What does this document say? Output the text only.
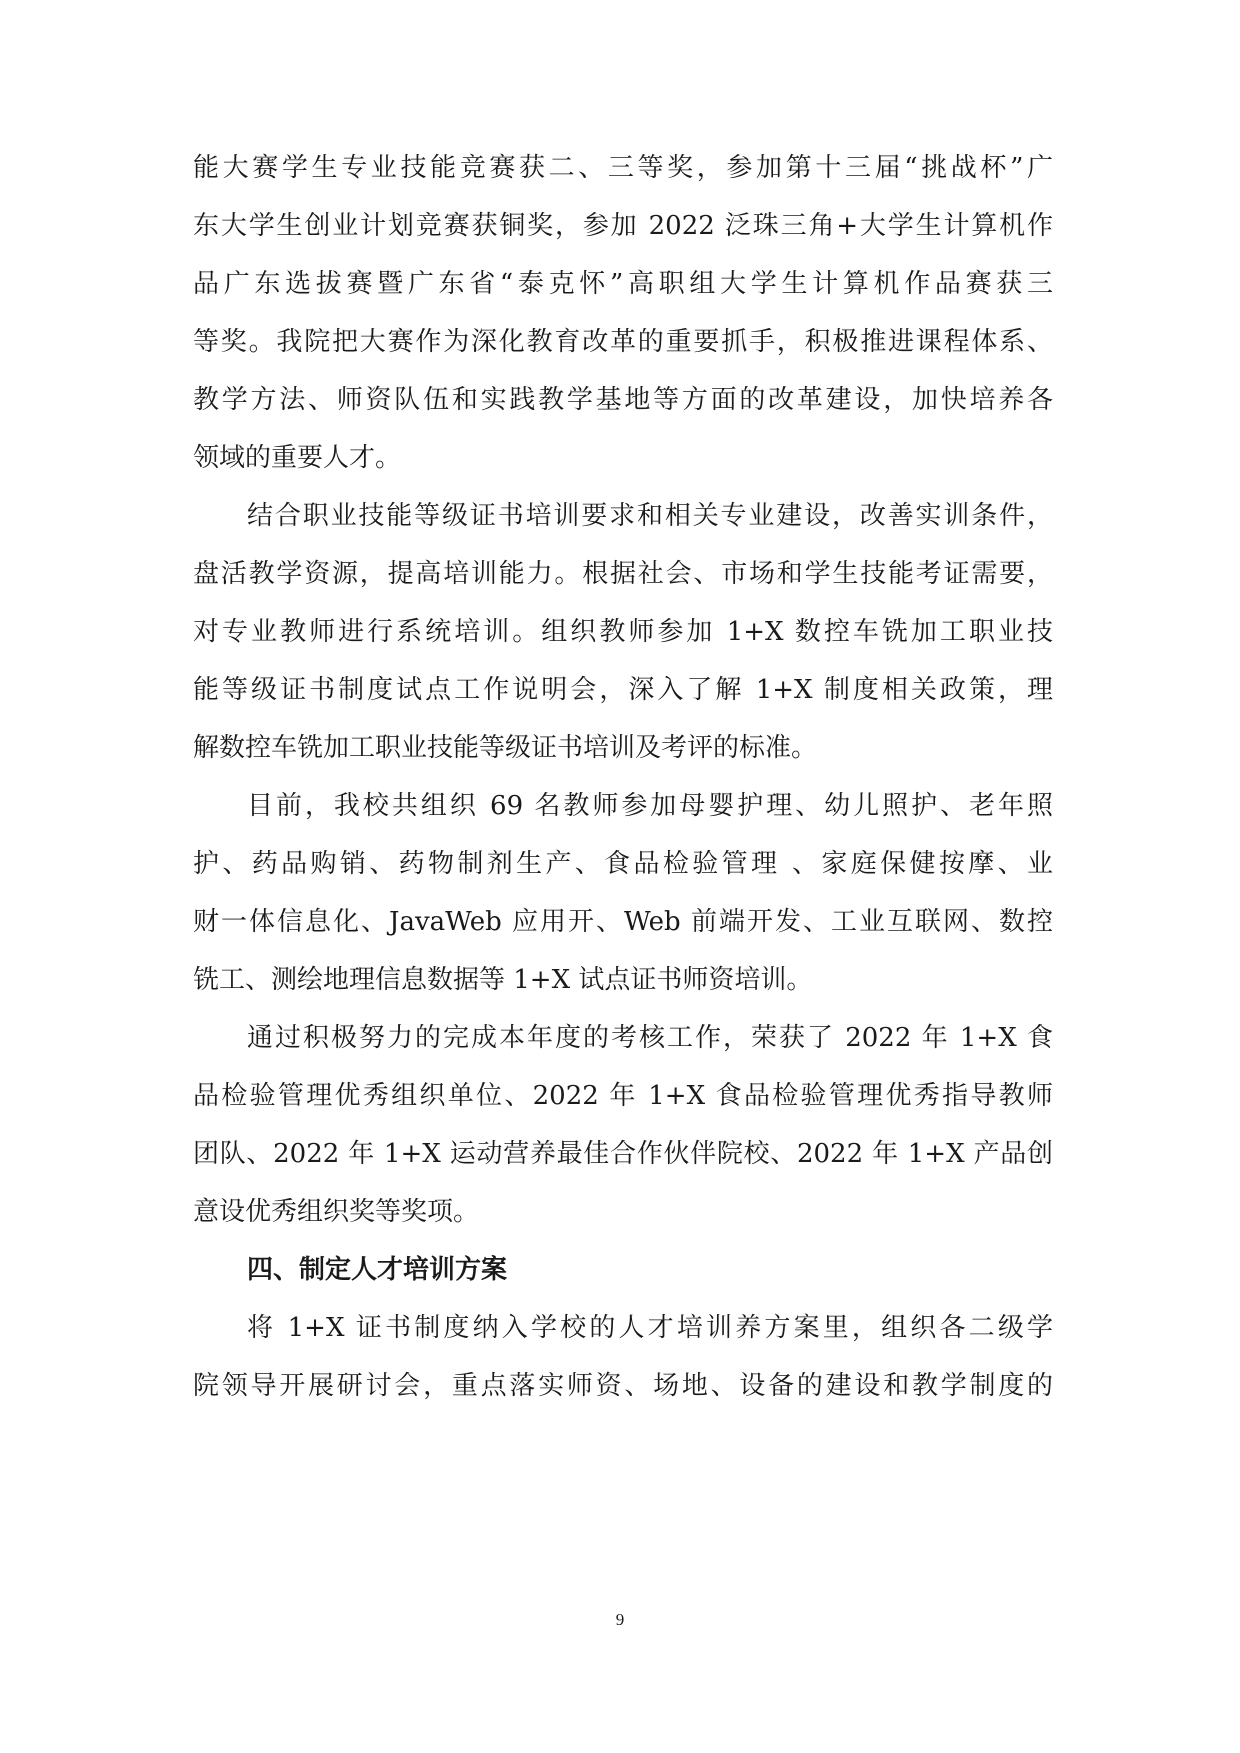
能大赛学生专业技能竞赛获二、三等奖，参加第十三届“挑战杯”广
东大学生创业计划竞赛获铜奖，参加 2022 泛珠三角+大学生计算机作
品广东选拔赛暨广东省“泰克怀”高职组大学生计算机作品赛获三
等奖。我院把大赛作为深化教育改革的重要抓手，积极推进课程体系、
教学方法、师资队伍和实践教学基地等方面的改革建设，加快培养各
领域的重要人才。
结合职业技能等级证书培训要求和相关专业建设，改善实训条件，
盘活教学资源，提高培训能力。根据社会、市场和学生技能考证需要，
对专业教师进行系统培训。组织教师参加 1+X 数控车铣加工职业技
能等级证书制度试点工作说明会，深入了解 1+X 制度相关政策，理
解数控车铣加工职业技能等级证书培训及考评的标准。
目前，我校共组织 69 名教师参加母婴护理、幼儿照护、老年照
护、药品购销、药物制剂生产、食品检验管理 、家庭保健按摩、业
财一体信息化、JavaWeb 应用开、Web 前端开发、工业互联网、数控
铣工、测绘地理信息数据等 1+X 试点证书师资培训。
通过积极努力的完成本年度的考核工作，荣获了 2022 年 1+X 食
品检验管理优秀组织单位、2022 年 1+X 食品检验管理优秀指导教师
团队、2022 年 1+X 运动营养最佳合作伙伴院校、2022 年 1+X 产品创
意设优秀组织奖等奖项。
四、制定人才培训方案
将 1+X 证书制度纳入学校的人才培训养方案里，组织各二级学
院领导开展研讨会，重点落实师资、场地、设备的建设和教学制度的
9
